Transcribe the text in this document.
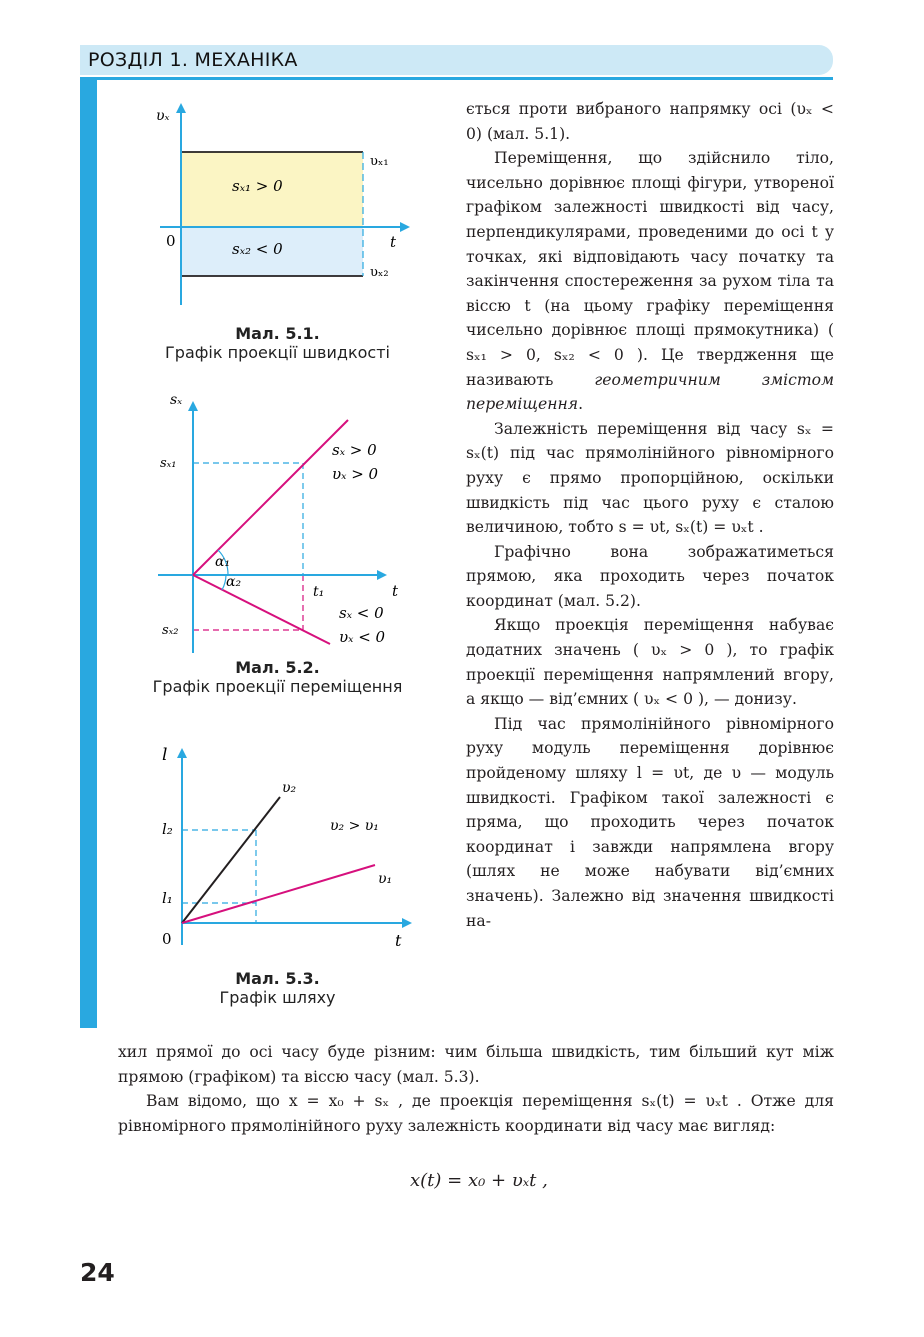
РОЗДІЛ 1. МЕХАНІКА
υₓ
t
0
υₓ₁
υₓ₂
sₓ₁ > 0
sₓ₂ < 0
Мал. 5.1.
Графік проекції швидкості
sₓ
t
sₓ₁
sₓ₂
t₁
α₁
α₂
sₓ > 0
υₓ > 0
sₓ < 0
υₓ < 0
Мал. 5.2.
Графік проекції переміщення
l
t
0
l₂
l₁
υ₂
υ₁
υ₂ > υ₁
Мал. 5.3.
Графік шляху

ється проти вибраного напрямку осі (υₓ < 0) (мал. 5.1).

Переміщення, що здійснило тіло, чисельно дорівнює площі фігури, утвореної графіком залежності швидкості від часу, перпендикулярами, проведеними до осі t у точках, які відповідають часу початку та закінчення спостереження за рухом тіла та віссю t (на цьому графіку переміщення чисельно дорівнює площі прямокутника) ( sₓ₁ > 0, sₓ₂ < 0 ). Це твердження ще називають	геометричним змістом переміщення.

Залежність переміщення від часу sₓ = sₓ(t) під час прямолінійного рівномірного руху є прямо пропорційною, оскільки швидкість під час цього руху є сталою величиною, тобто s = υt, sₓ(t) = υₓt .

Графічно вона зображатиметься прямою, яка проходить через початок координат (мал. 5.2).

Якщо проекція переміщення набуває додатних значень ( υₓ > 0 ), то графік проекції переміщення напрямлений вгору, а якщо — від’ємних ( υₓ < 0 ), — донизу.

Під час прямолінійного рівномірного руху модуль переміщення дорівнює пройденому шляху l = υt, де υ — модуль швидкості. Графіком такої залежності є пряма, що проходить через початок координат і завжди напрямлена вгору (шлях не може набувати від’ємних значень). Залежно від значення швидкості на-

хил прямої до осі часу буде різним: чим більша швидкість, тим більший кут між прямою (графіком) та віссю часу (мал. 5.3).

Вам відомо, що x = x₀ + sₓ , де проекція переміщення sₓ(t) = υₓt . Отже для рівномірного прямолінійного руху залежність координати від часу має вигляд:

x(t) = x₀ + υₓt ,
24
